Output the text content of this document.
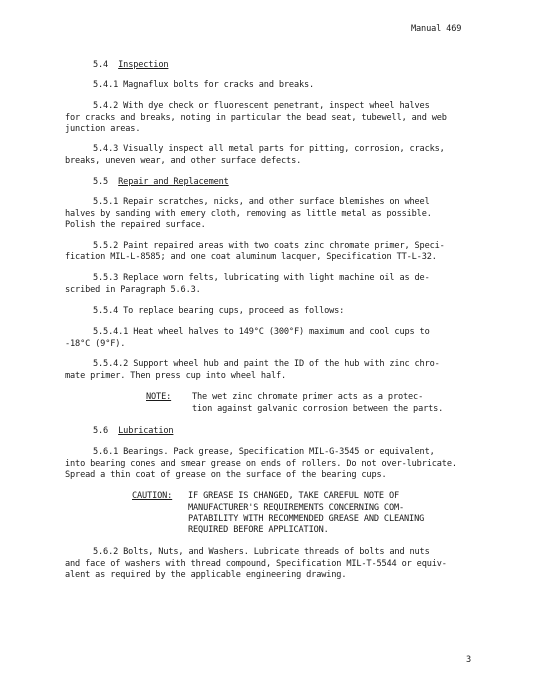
Manual 469
5.4 Inspection
5.4.1 Magnaflux bolts for cracks and breaks.
5.4.2 With dye check or fluorescent penetrant, inspect wheel halves
for cracks and breaks, noting in particular the bead seat, tubewell, and web
junction areas.
5.4.3 Visually inspect all metal parts for pitting, corrosion, cracks,
breaks, uneven wear, and other surface defects.
5.5 Repair and Replacement
5.5.1 Repair scratches, nicks, and other surface blemishes on wheel
halves by sanding with emery cloth, removing as little metal as possible.
Polish the repaired surface.
5.5.2 Paint repaired areas with two coats zinc chromate primer, Speci-
fication MIL-L-8585; and one coat aluminum lacquer, Specification TT-L-32.
5.5.3 Replace worn felts, lubricating with light machine oil as de-
scribed in Paragraph 5.6.3.
5.5.4 To replace bearing cups, proceed as follows:
5.5.4.1 Heat wheel halves to 149°C (300°F) maximum and cool cups to
-18°C (9°F).
5.5.4.2 Support wheel hub and paint the ID of the hub with zinc chro-
mate primer. Then press cup into wheel half.
NOTE: The wet zinc chromate primer acts as a protec-
tion against galvanic corrosion between the parts.
5.6 Lubrication
5.6.1 Bearings. Pack grease, Specification MIL-G-3545 or equivalent,
into bearing cones and smear grease on ends of rollers. Do not over-lubricate.
Spread a thin coat of grease on the surface of the bearing cups.
CAUTION: IF GREASE IS CHANGED, TAKE CAREFUL NOTE OF
MANUFACTURER'S REQUIREMENTS CONCERNING COM-
PATABILITY WITH RECOMMENDED GREASE AND CLEANING
REQUIRED BEFORE APPLICATION.
5.6.2 Bolts, Nuts, and Washers. Lubricate threads of bolts and nuts
and face of washers with thread compound, Specification MIL-T-5544 or equiv-
alent as required by the applicable engineering drawing.
3
